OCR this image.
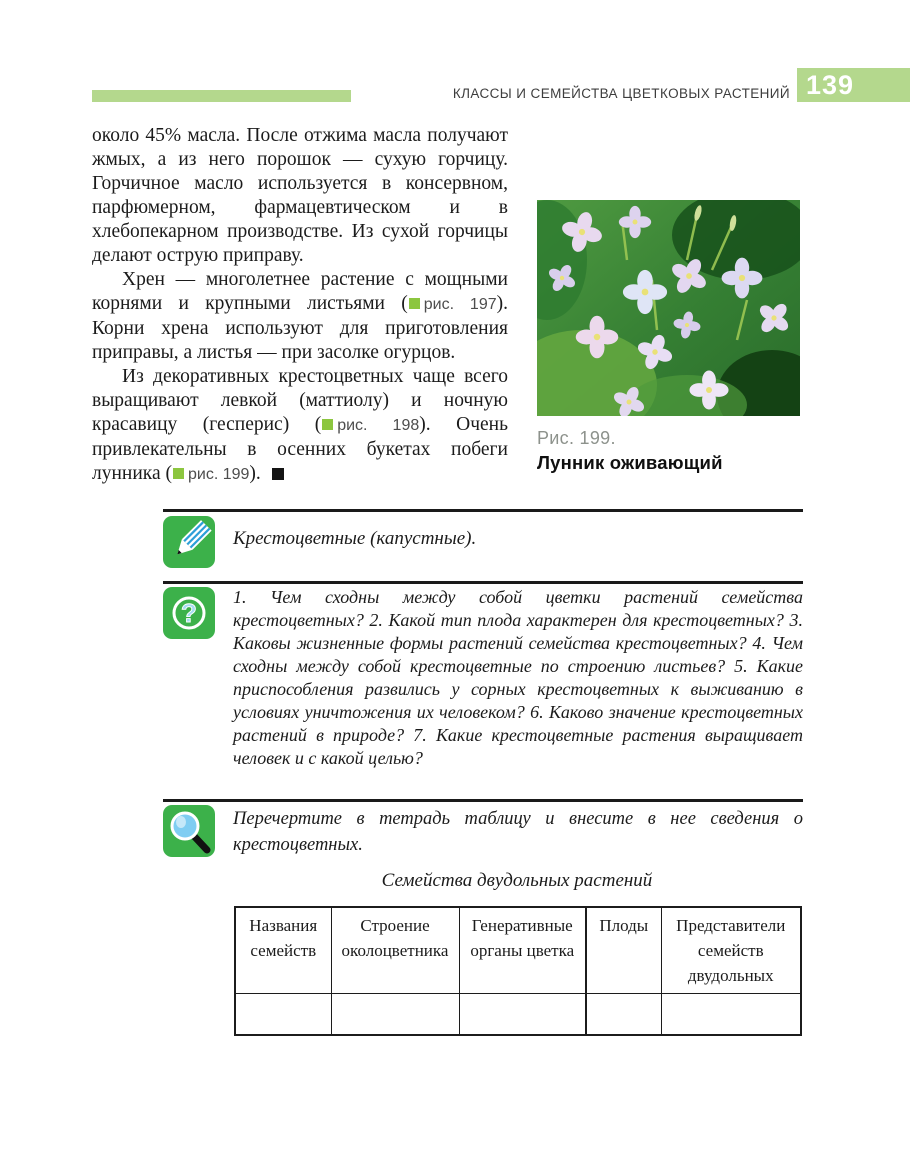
КЛАССЫ И СЕМЕЙСТВА ЦВЕТКОВЫХ РАСТЕНИЙ 139

около 45% масла. После отжима масла получают жмых, а из него порошок — сухую горчицу. Горчичное масло используется в консервном, парфюмерном, фармацевтическом и в хлебопекарном производстве. Из сухой горчицы делают острую приправу.

Хрен — многолетнее растение с мощными корнями и крупными листьями ( рис. 197). Корни хрена используют для приготовления приправы, а листья — при засолке огурцов.

Из декоративных крестоцветных чаще всего выращивают левкой (маттиолу) и ночную красавицу (гесперис) ( рис. 198). Очень привлекательны в осенних букетах побеги лунника ( рис. 199).

Рис. 199.
Лунник оживающий
Крестоцветные (капустные).
?
1. Чем сходны между собой цветки растений семейства крестоцветных? 2. Какой тип плода характерен для крестоцветных? 3. Каковы жизненные формы растений семейства крестоцветных? 4. Чем сходны между собой крестоцветные по строению листьев? 5. Какие приспособления развились у сорных крестоцветных к выживанию в условиях уничтожения их человеком? 6. Каково значение крестоцветных растений в природе? 7. Какие крестоцветные растения выращивает человек и с какой целью?
Перечертите в тетрадь таблицу и внесите в нее сведения о крестоцветных.
Семейства двудольных растений
Названия семейств	Строение околоцветника	Генеративные органы цветка	Плоды	Представители семейств двудольных
